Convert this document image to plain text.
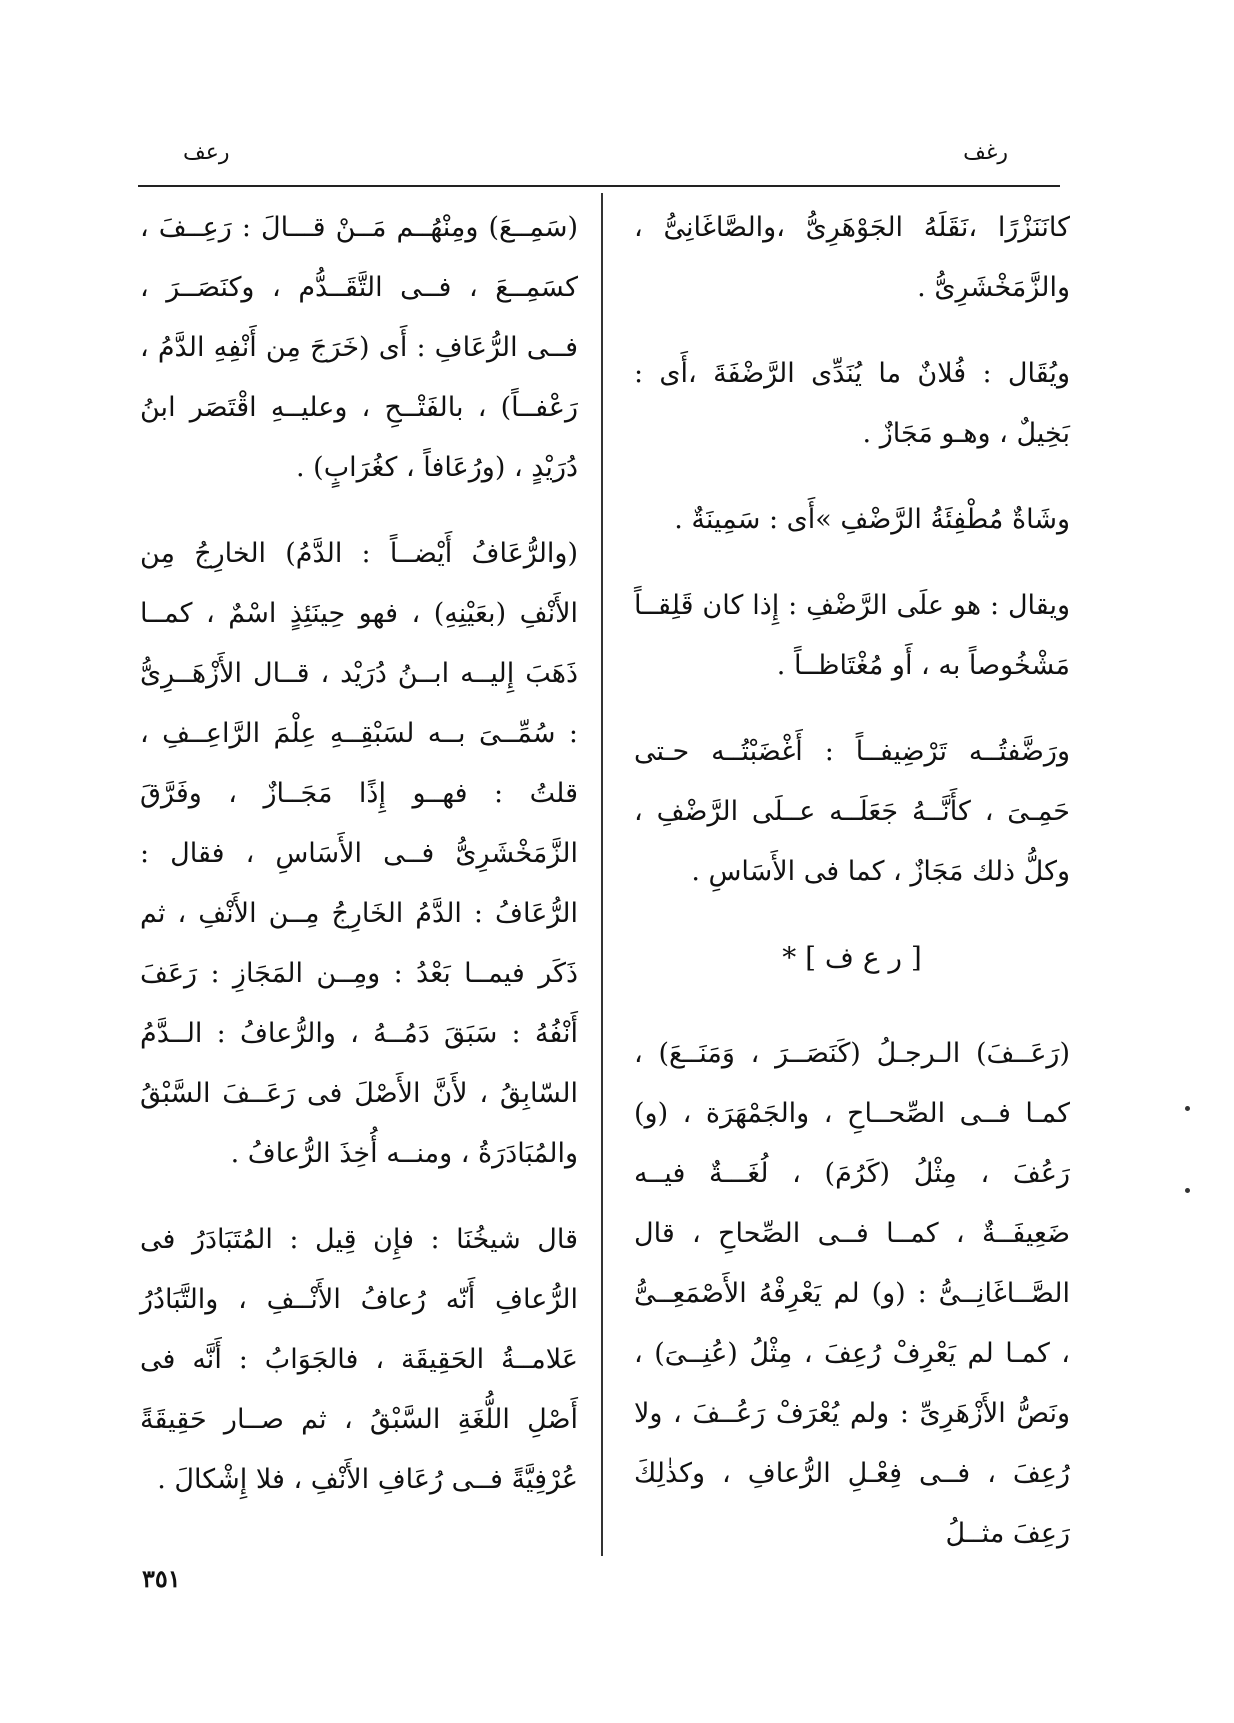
رغف
رعف

كانَنَزْرًا ،نَقَلَهُ الجَوْهَرِىُّ ،والصَّاغَانِىُّ ، والزَّمَخْشَرِىُّ .

ويُقَال : فُلانٌ ما يُنَدِّى الرَّضْفَةَ ،أَى : بَخِيلٌ ، وهـو مَجَازٌ .

وشَاةٌ مُطْفِئَةُ الرَّضْفِ »أَى : سَمِينَةٌ .

ويقال : هو علَى الرَّضْفِ : إِذا كان قَلِقــاً مَشْخُوصاً به ، أَو مُغْتَاظــاً .

ورَضَّفتُــه تَرْضِيفــاً : أَغْضَبْتُــه حـتى حَمِـىَ ، كأَنَّــهُ جَعَلَــه عــلَى الرَّضْفِ ، وكلُّ ذلك مَجَازٌ ، كما فى الأَسَاسِ .

[ ر ع ف ] *

(رَعَــفَ) الـرجـلُ (كَنَصَــرَ ، وَمَنَــعَ) ، كمـا فــى الصِّحــاحِ ، والجَمْهَرَة ، (و) رَعُفَ ، مِثْلُ (كَرُمَ) ، لُغَـــةٌ فيــه ضَعِيفَــةٌ ، كمــا فــى الصِّحاحِ ، قال الصَّــاغَانِــىُّ : (و) لم يَعْرِفْهُ الأَصْمَعِــىُّ ، كمـا لم يَعْرِفْ رُعِفَ ، مِثْلُ (عُنِــىَ) ، ونَصُّ الأَزْهَرِىِّ : ولم يُعْرَفْ رَعُــفَ ، ولا رُعِفَ ، فــى فِعْـلِ الرُّعافِ ، وكذٰلِكَ رَعِفَ مثــلُ

(سَمِــعَ) ومِنْهُــم مَــنْ قـــالَ : رَعِــفَ ، كسَمِــعَ ، فــى التَّقَــدُّم ، وكنَصَــرَ ، فــى الرُّعَافِ : أَى (خَرَجَ مِن أَنْفِهِ الدَّمُ ، رَعْفــاً) ، بالفَتْــحِ ، وعليــهِ اقْتَصَر ابنُ دُرَيْدٍ ، (ورُعَافاً ، كغُرَابٍ) .

(والرُّعَافُ أَيْضــاً : الدَّمُ) الخارِجُ مِن الأَنْفِ (بعَيْنِهِ) ، فهو حِينَئِذٍ اسْمٌ ، كمــا ذَهَبَ إِليــه ابــنُ دُرَيْد ، قــال الأَزْهَــرِىُّ : سُمِّــىَ بــه لسَبْقِــهِ عِلْمَ الرَّاعِــفِ ، قلتُ : فهــو إِذًا مَجَــازٌ ، وفَرَّقَ الزَّمَخْشَرِىُّ فــى الأَسَاسِ ، فقال : الرُّعَافُ : الدَّمُ الخَارِجُ مِــن الأَنْفِ ، ثم ذَكَر فيمــا بَعْدُ : ومِــن المَجَازِ : رَعَفَ أَنْفُهُ : سَبَقَ دَمُــهُ ، والرُّعافُ : الــدَّمُ السّابِقُ ، لأَنَّ الأَصْلَ فى رَعَــفَ السَّبْقُ والمُبَادَرَةُ ، ومنــه أُخِذَ الرُّعافُ .

قال شيخُنَا : فإِن قِيل : المُتَبَادَرُ فى الرُّعافِ أَنّه رُعافُ الأَنْــفِ ، والتَّبَادُرُ عَلامــةُ الحَقِيقَة ، فالجَوَابُ : أَنَّه فى أَصْلِ اللُّغَةِ السَّبْقُ ، ثم صــار حَقِيقَةً عُرْفِيَّةً فــى رُعَافِ الأَنْفِ ، فلا إِشْكالَ .

٣٥١
